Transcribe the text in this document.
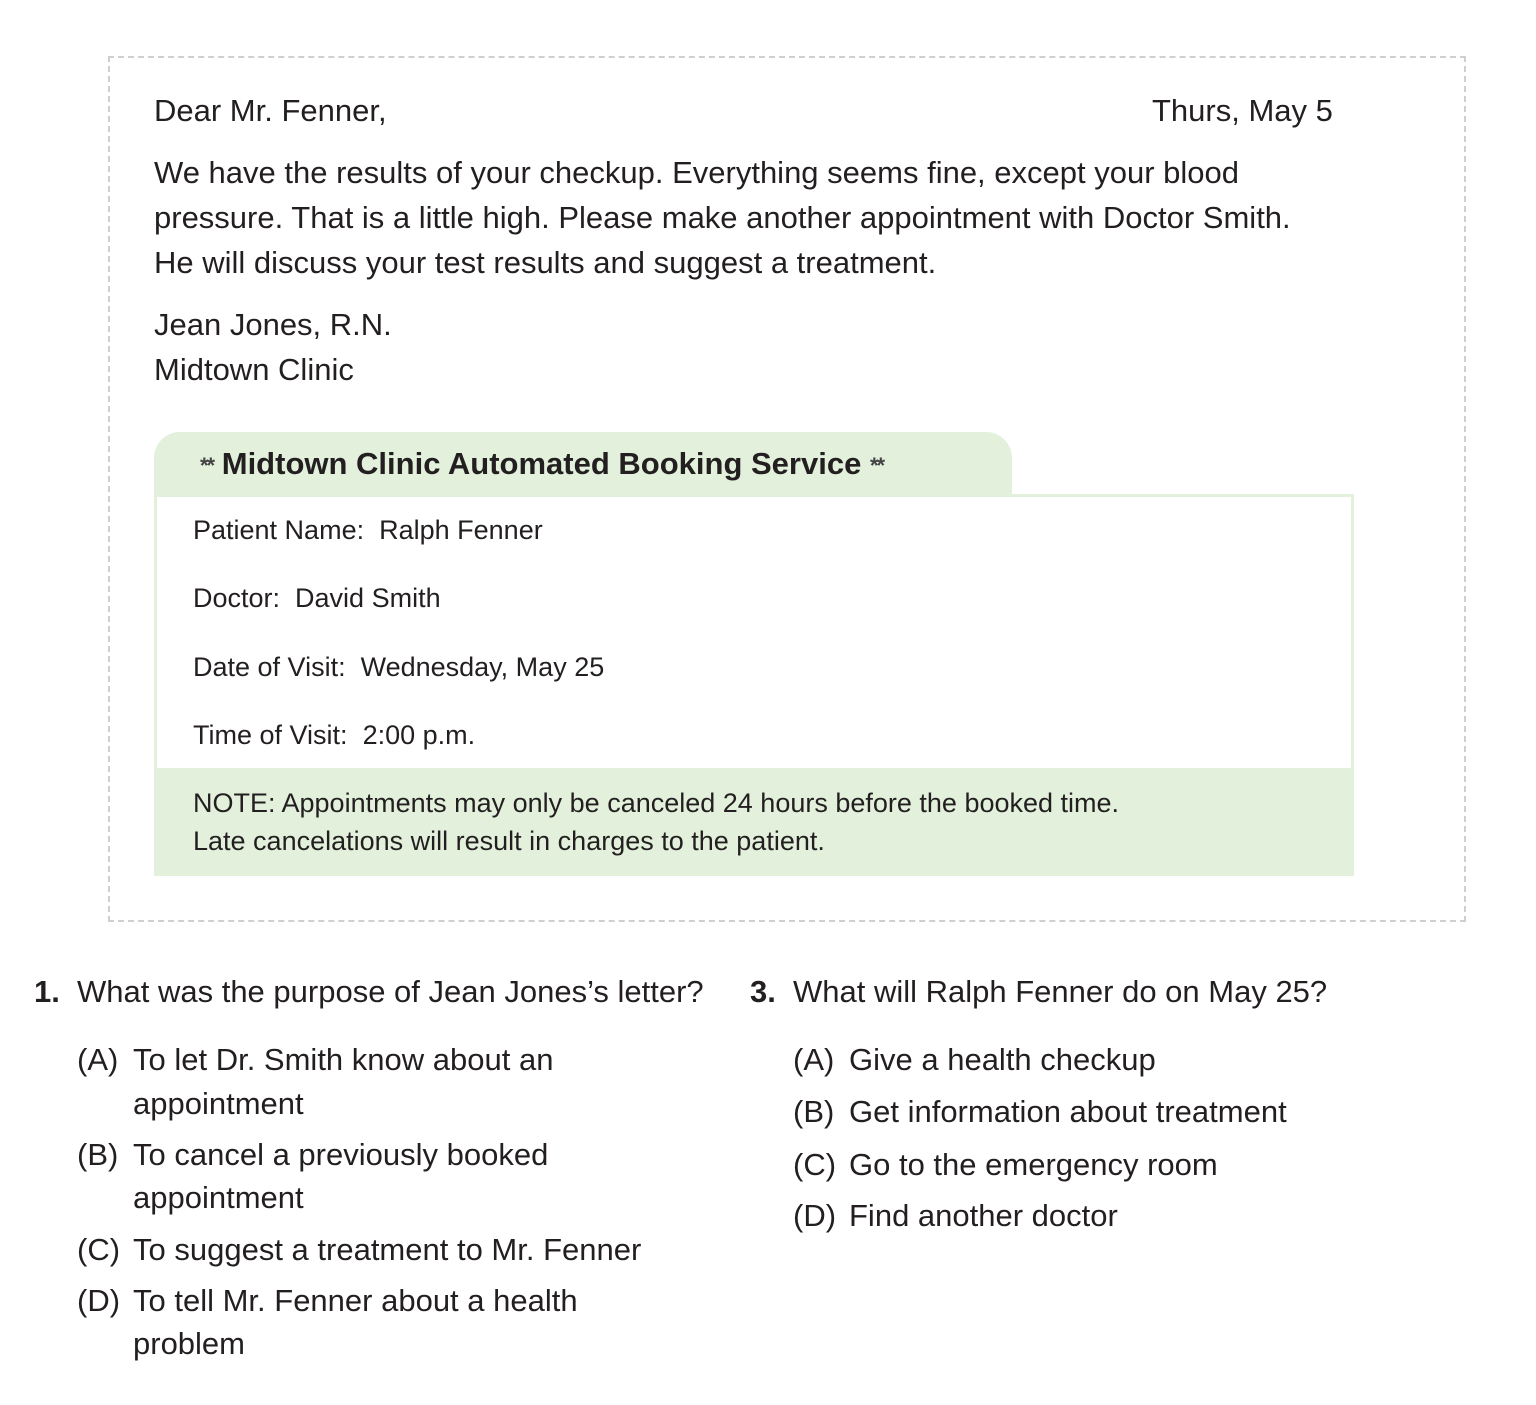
Dear Mr. Fenner,	Thurs, May 5
We have the results of your checkup. Everything seems fine, except your blood
pressure. That is a little high. Please make another appointment with Doctor Smith.
He will discuss your test results and suggest a treatment.
Jean Jones, R.N.
Midtown Clinic
** Midtown Clinic Automated Booking Service **
Patient Name: Ralph Fenner
Doctor: David Smith
Date of Visit: Wednesday, May 25
Time of Visit: 2:00 p.m.
NOTE: Appointments may only be canceled 24 hours before the booked time.
Late cancelations will result in charges to the patient.
1. What was the purpose of Jean Jones’s letter?
(A) To let Dr. Smith know about an
appointment
(B) To cancel a previously booked
appointment
(C) To suggest a treatment to Mr. Fenner
(D) To tell Mr. Fenner about a health
problem
3. What will Ralph Fenner do on May 25?
(A) Give a health checkup
(B) Get information about treatment
(C) Go to the emergency room
(D) Find another doctor
